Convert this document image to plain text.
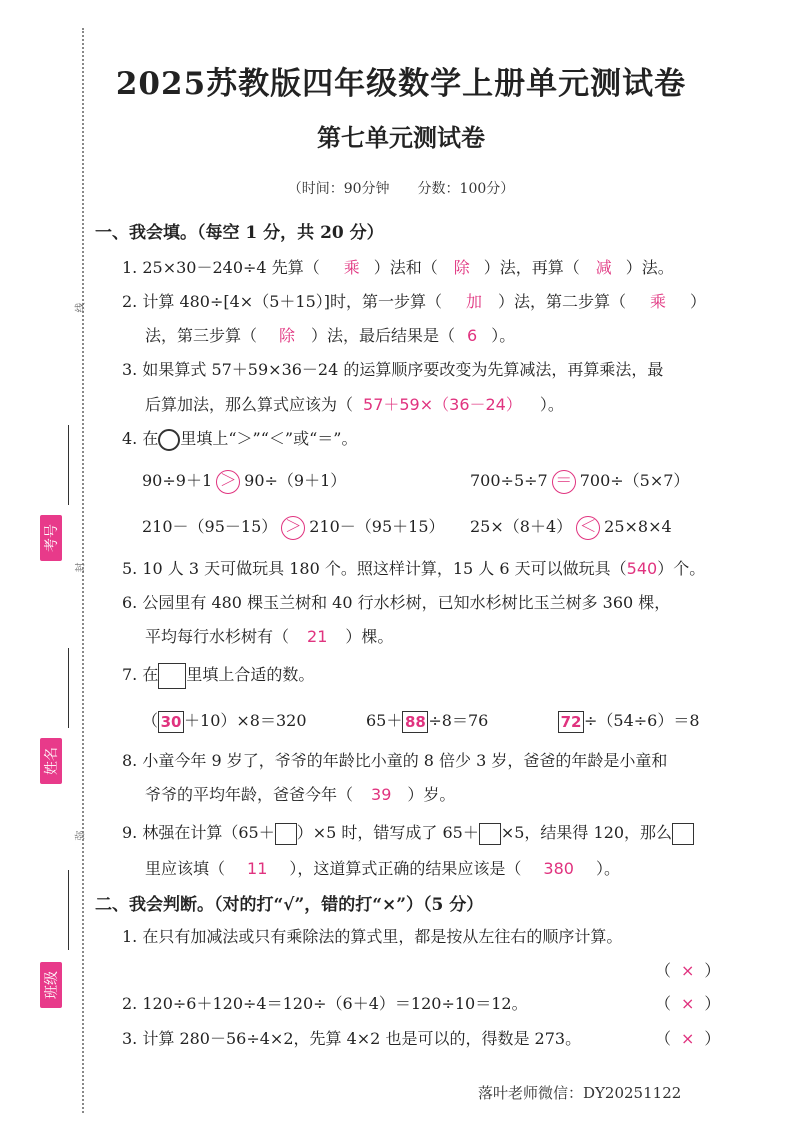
线
封
弥
考号
姓名
班级
2025苏教版四年级数学上册单元测试卷
第七单元测试卷
（时间：90分钟　　分数：100分）
一、我会填。（每空 1 分，共 20 分）
1. 25×30－240÷4 先算（ 乘 ）法和（ 除 ）法，再算（ 减 ）法。
2. 计算 480÷[4×（5＋15）]时，第一步算（ 加 ）法，第二步算（ 乘 ）
法，第三步算（ 除 ）法，最后结果是（ 6 ）。
3. 如果算式 57＋59×36－24 的运算顺序要改变为先算减法，再算乘法，最
后算加法，那么算式应该为（ 57＋59×（36－24） ）。
4. 在 里填上“＞”“＜”或“＝”。
90÷9＋1 ＞ 90÷（9＋1）	700÷5÷7 ＝ 700÷（5×7）
210－（95－15） ＞ 210－（95＋15） 25×（8＋4） ＜ 25×8×4
5. 10 人 3 天可做玩具 180 个。照这样计算，15 人 6 天可以做玩具（540）个。
6. 公园里有 480 棵玉兰树和 40 行水杉树，已知水杉树比玉兰树多 360 棵，
平均每行水杉树有（ 21 ）棵。
7. 在 里填上合适的数。
（ 30 ＋10）×8＝320	65＋ 88 ÷8＝76	72 ÷（54÷6）＝8
8. 小童今年 9 岁了，爷爷的年龄比小童的 8 倍少 3 岁，爸爸的年龄是小童和
爷爷的平均年龄，爸爸今年（ 39 ）岁。
9. 林强在计算（65＋ ）×5 时，错写成了 65＋ ×5，结果得 120，那么
里应该填（ 11 ），这道算式正确的结果应该是（ 380 ）。
二、我会判断。（对的打“√”，错的打“×”）（5 分）
1. 在只有加减法或只有乘除法的算式里，都是按从左往右的顺序计算。
（ × ）
2. 120÷6＋120÷4＝120÷（6＋4）＝120÷10＝12。	（ × ）
3. 计算 280－56÷4×2，先算 4×2 也是可以的，得数是 273。	（ × ）
落叶老师微信：DY20251122
